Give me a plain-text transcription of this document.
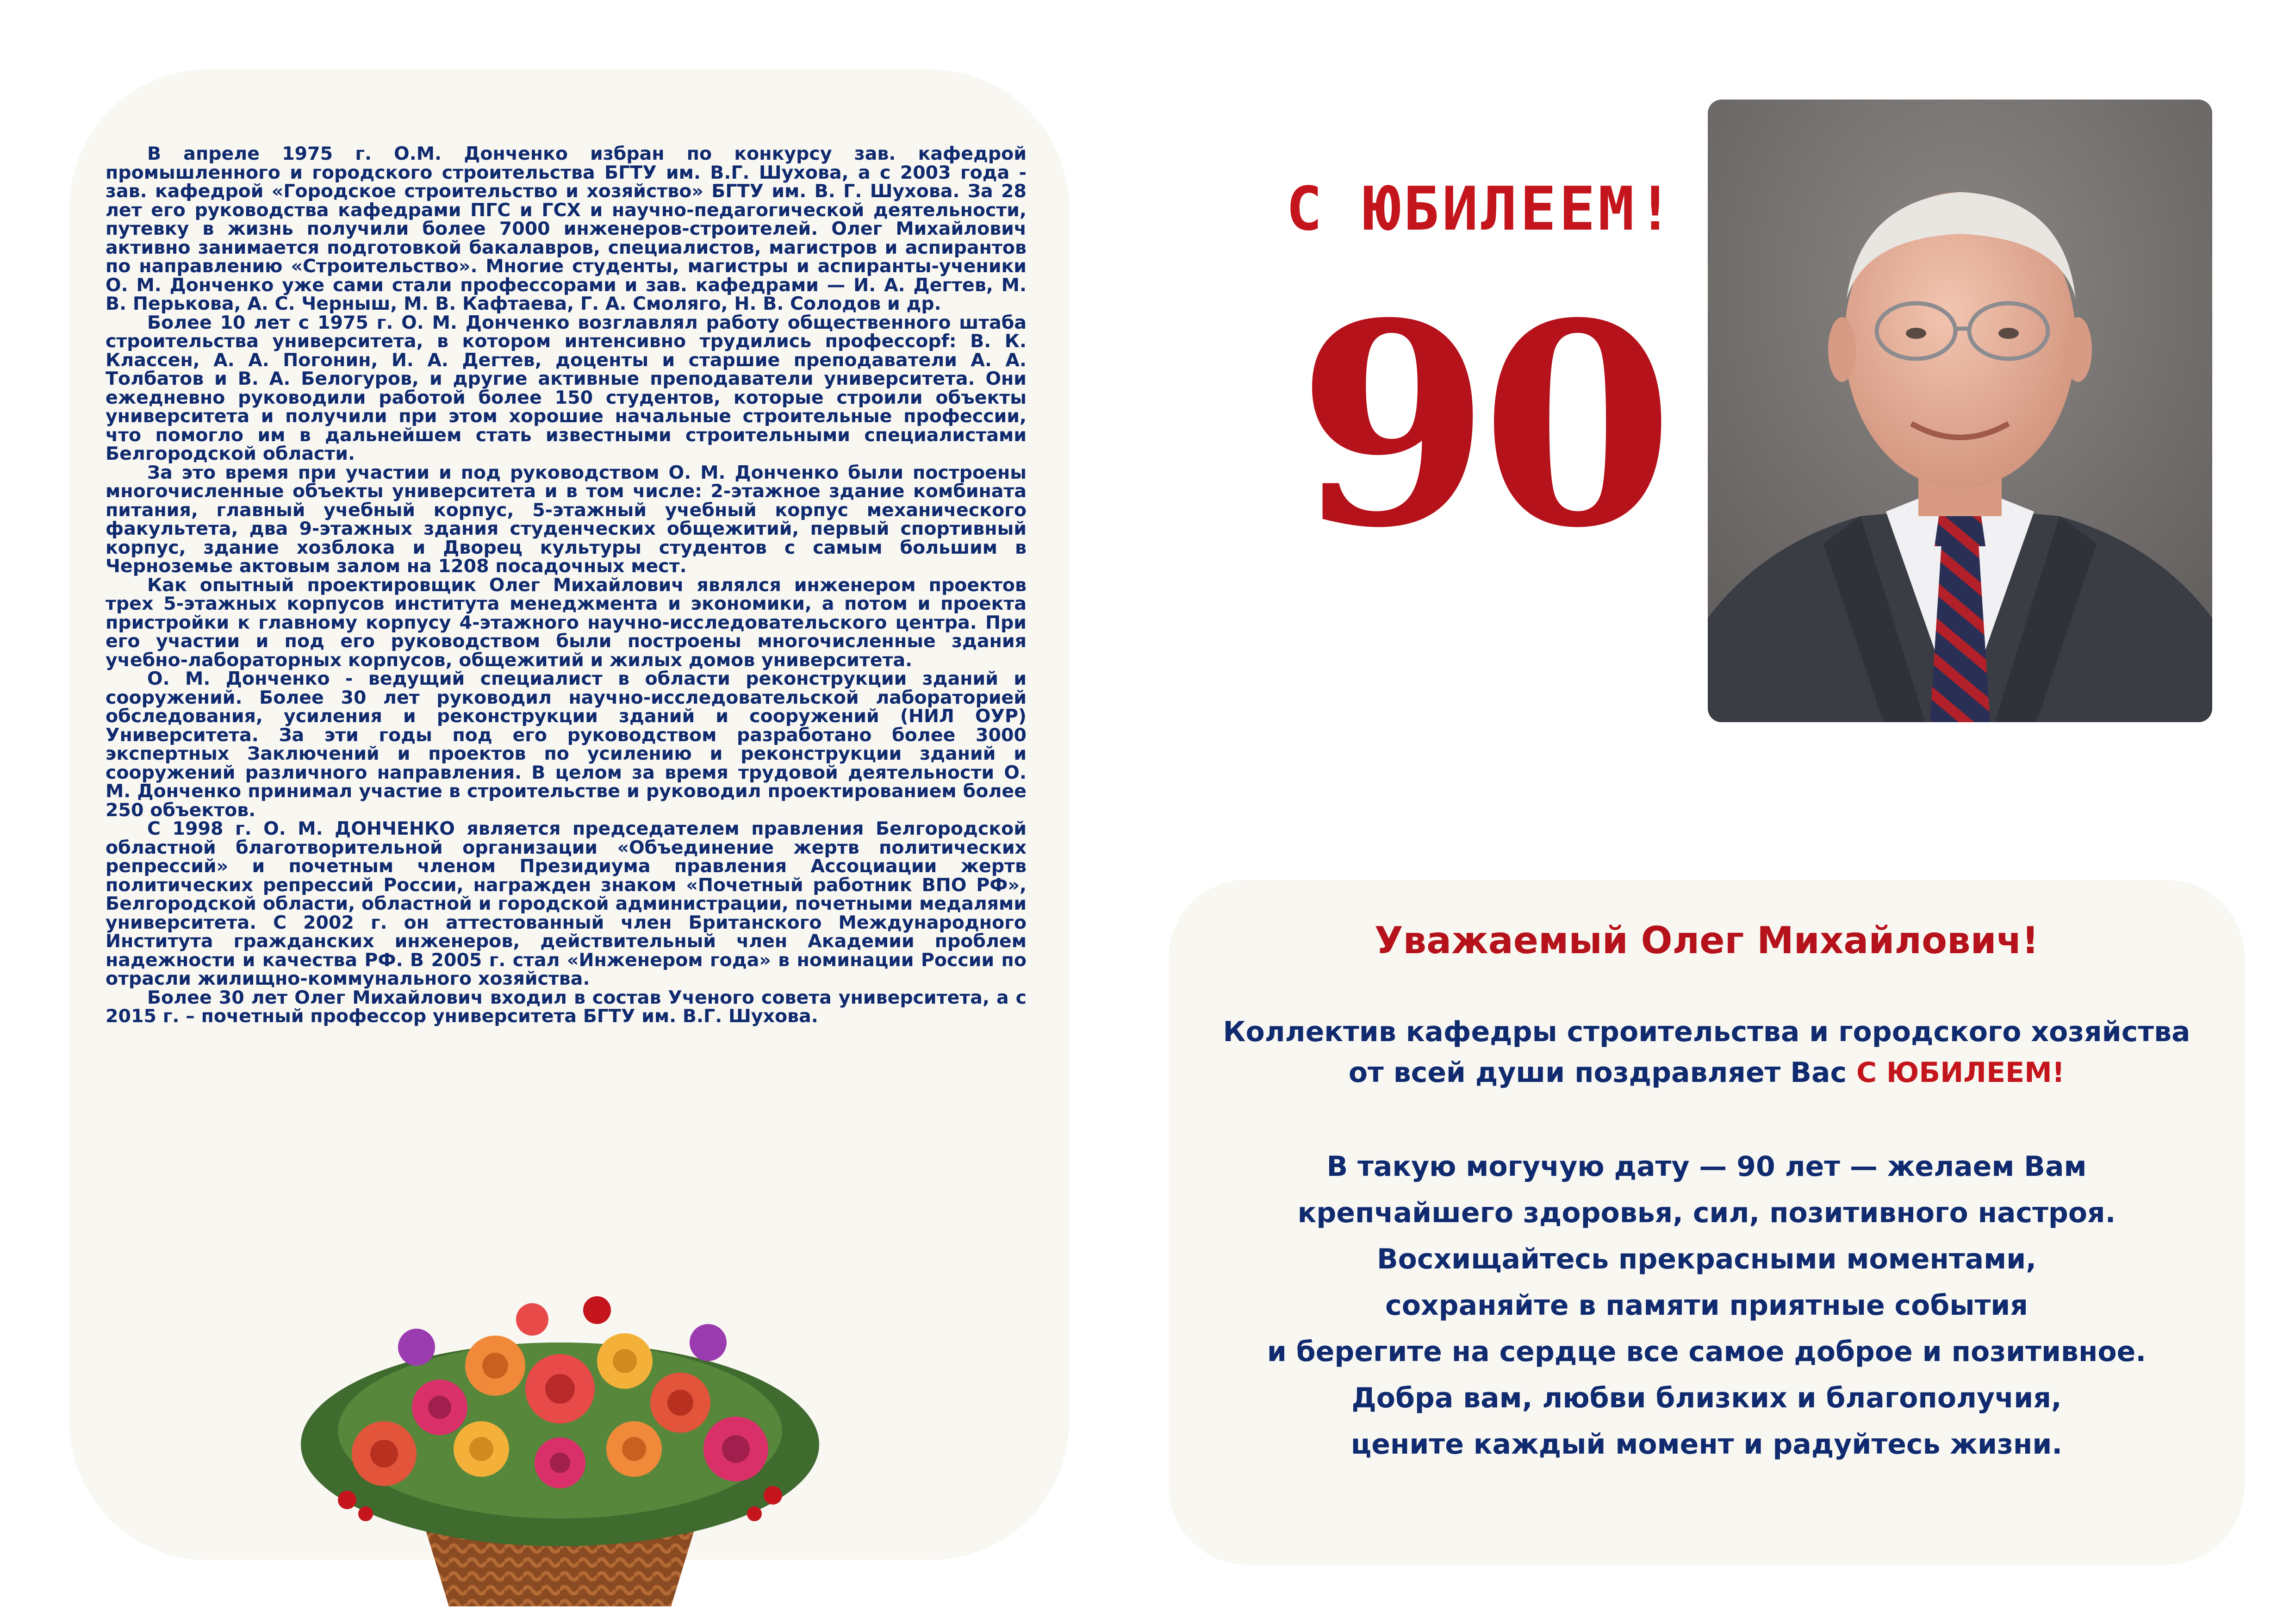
В апреле 1975 г. О.М. Донченко избран по конкурсу зав. кафедрой промышленного и городского строительства БГТУ им. В.Г. Шухова, а с 2003 года - зав. кафедрой «Городское строительство и хозяйство» БГТУ им. В. Г. Шухова. За 28 лет его руководства кафедрами ПГС и ГСХ и научно-педагогической деятельности, путевку в жизнь получили более 7000 инженеров-строителей. Олег Михайлович активно занимается подготовкой бакалавров, специалистов, магистров и аспирантов по направлению «Строительство». Многие студенты, магистры и аспиранты-ученики О. М. Донченко уже сами стали профессорами и зав. кафедрами — И. А. Дегтев, М. В. Перькова, А. С. Черныш, М. В. Кафтаева, Г. А. Смоляго, Н. В. Солодов и др.

Более 10 лет с 1975 г. О. М. Донченко возглавлял работу общественного штаба строительства университета, в котором интенсивно трудились профессорf: В. К. Классен, А. А. Погонин, И. А. Дегтев, доценты и старшие преподаватели А. А. Толбатов и В. А. Белогуров, и другие активные преподаватели университета. Они ежедневно руководили работой более 150 студентов, которые строили объекты университета и получили при этом хорошие начальные строительные профессии, что помогло им в дальнейшем стать известными строительными специалистами Белгородской области.

За это время при участии и под руководством О. М. Донченко были построены многочисленные объекты университета и в том числе: 2-этажное здание комбината питания, главный учебный корпус, 5-этажный учебный корпус механического факультета, два 9-этажных здания студенческих общежитий, первый спортивный корпус, здание хозблока и Дворец культуры студентов с самым большим в Черноземье актовым залом на 1208 посадочных мест.

Как опытный проектировщик Олег Михайлович являлся инженером проектов трех 5-этажных корпусов института менеджмента и экономики, а потом и проекта пристройки к главному корпусу 4-этажного научно-исследовательского центра. При его участии и под его руководством были построены многочисленные здания учебно-лабораторных корпусов, общежитий и жилых домов университета.

О. М. Донченко - ведущий специалист в области реконструкции зданий и сооружений. Более 30 лет руководил научно-исследовательской лабораторией обследования, усиления и реконструкции зданий и сооружений (НИЛ ОУР) Университета. За эти годы под его руководством разработано более 3000 экспертных Заключений и проектов по усилению и реконструкции зданий и сооружений различного направления. В целом за время трудовой деятельности О. М. Донченко принимал участие в строительстве и руководил проектированием более 250 объектов.

С 1998 г. О. М. ДОНЧЕНКО является председателем правления Белгородской областной благотворительной организации «Объединение жертв политических репрессий» и почетным членом Президиума правления Ассоциации жертв политических репрессий России, награжден знаком «Почетный работник ВПО РФ», Белгородской области, областной и городской администрации, почетными медалями университета. С 2002 г. он аттестованный член Британского Международного Института гражданских инженеров, действительный член Академии проблем надежности и качества РФ. В 2005 г. стал «Инженером года» в номинации России по отрасли жилищно-коммунального хозяйства.

Более 30 лет Олег Михайлович входил в состав Ученого совета университета, а с 2015 г. – почетный профессор университета БГТУ им. В.Г. Шухова.

С ЮБИЛЕЕМ!
90
Уважаемый Олег Михайлович!
Коллектив кафедры строительства и городского хозяйства
от всей души поздравляет Вас С ЮБИЛЕЕМ!
В такую могучую дату — 90 лет — желаем Вам
крепчайшего здоровья, сил, позитивного настроя.
Восхищайтесь прекрасными моментами,
сохраняйте в памяти приятные события
и берегите на сердце все самое доброе и позитивное.
Добра вам, любви близких и благополучия,
цените каждый момент и радуйтесь жизни.
